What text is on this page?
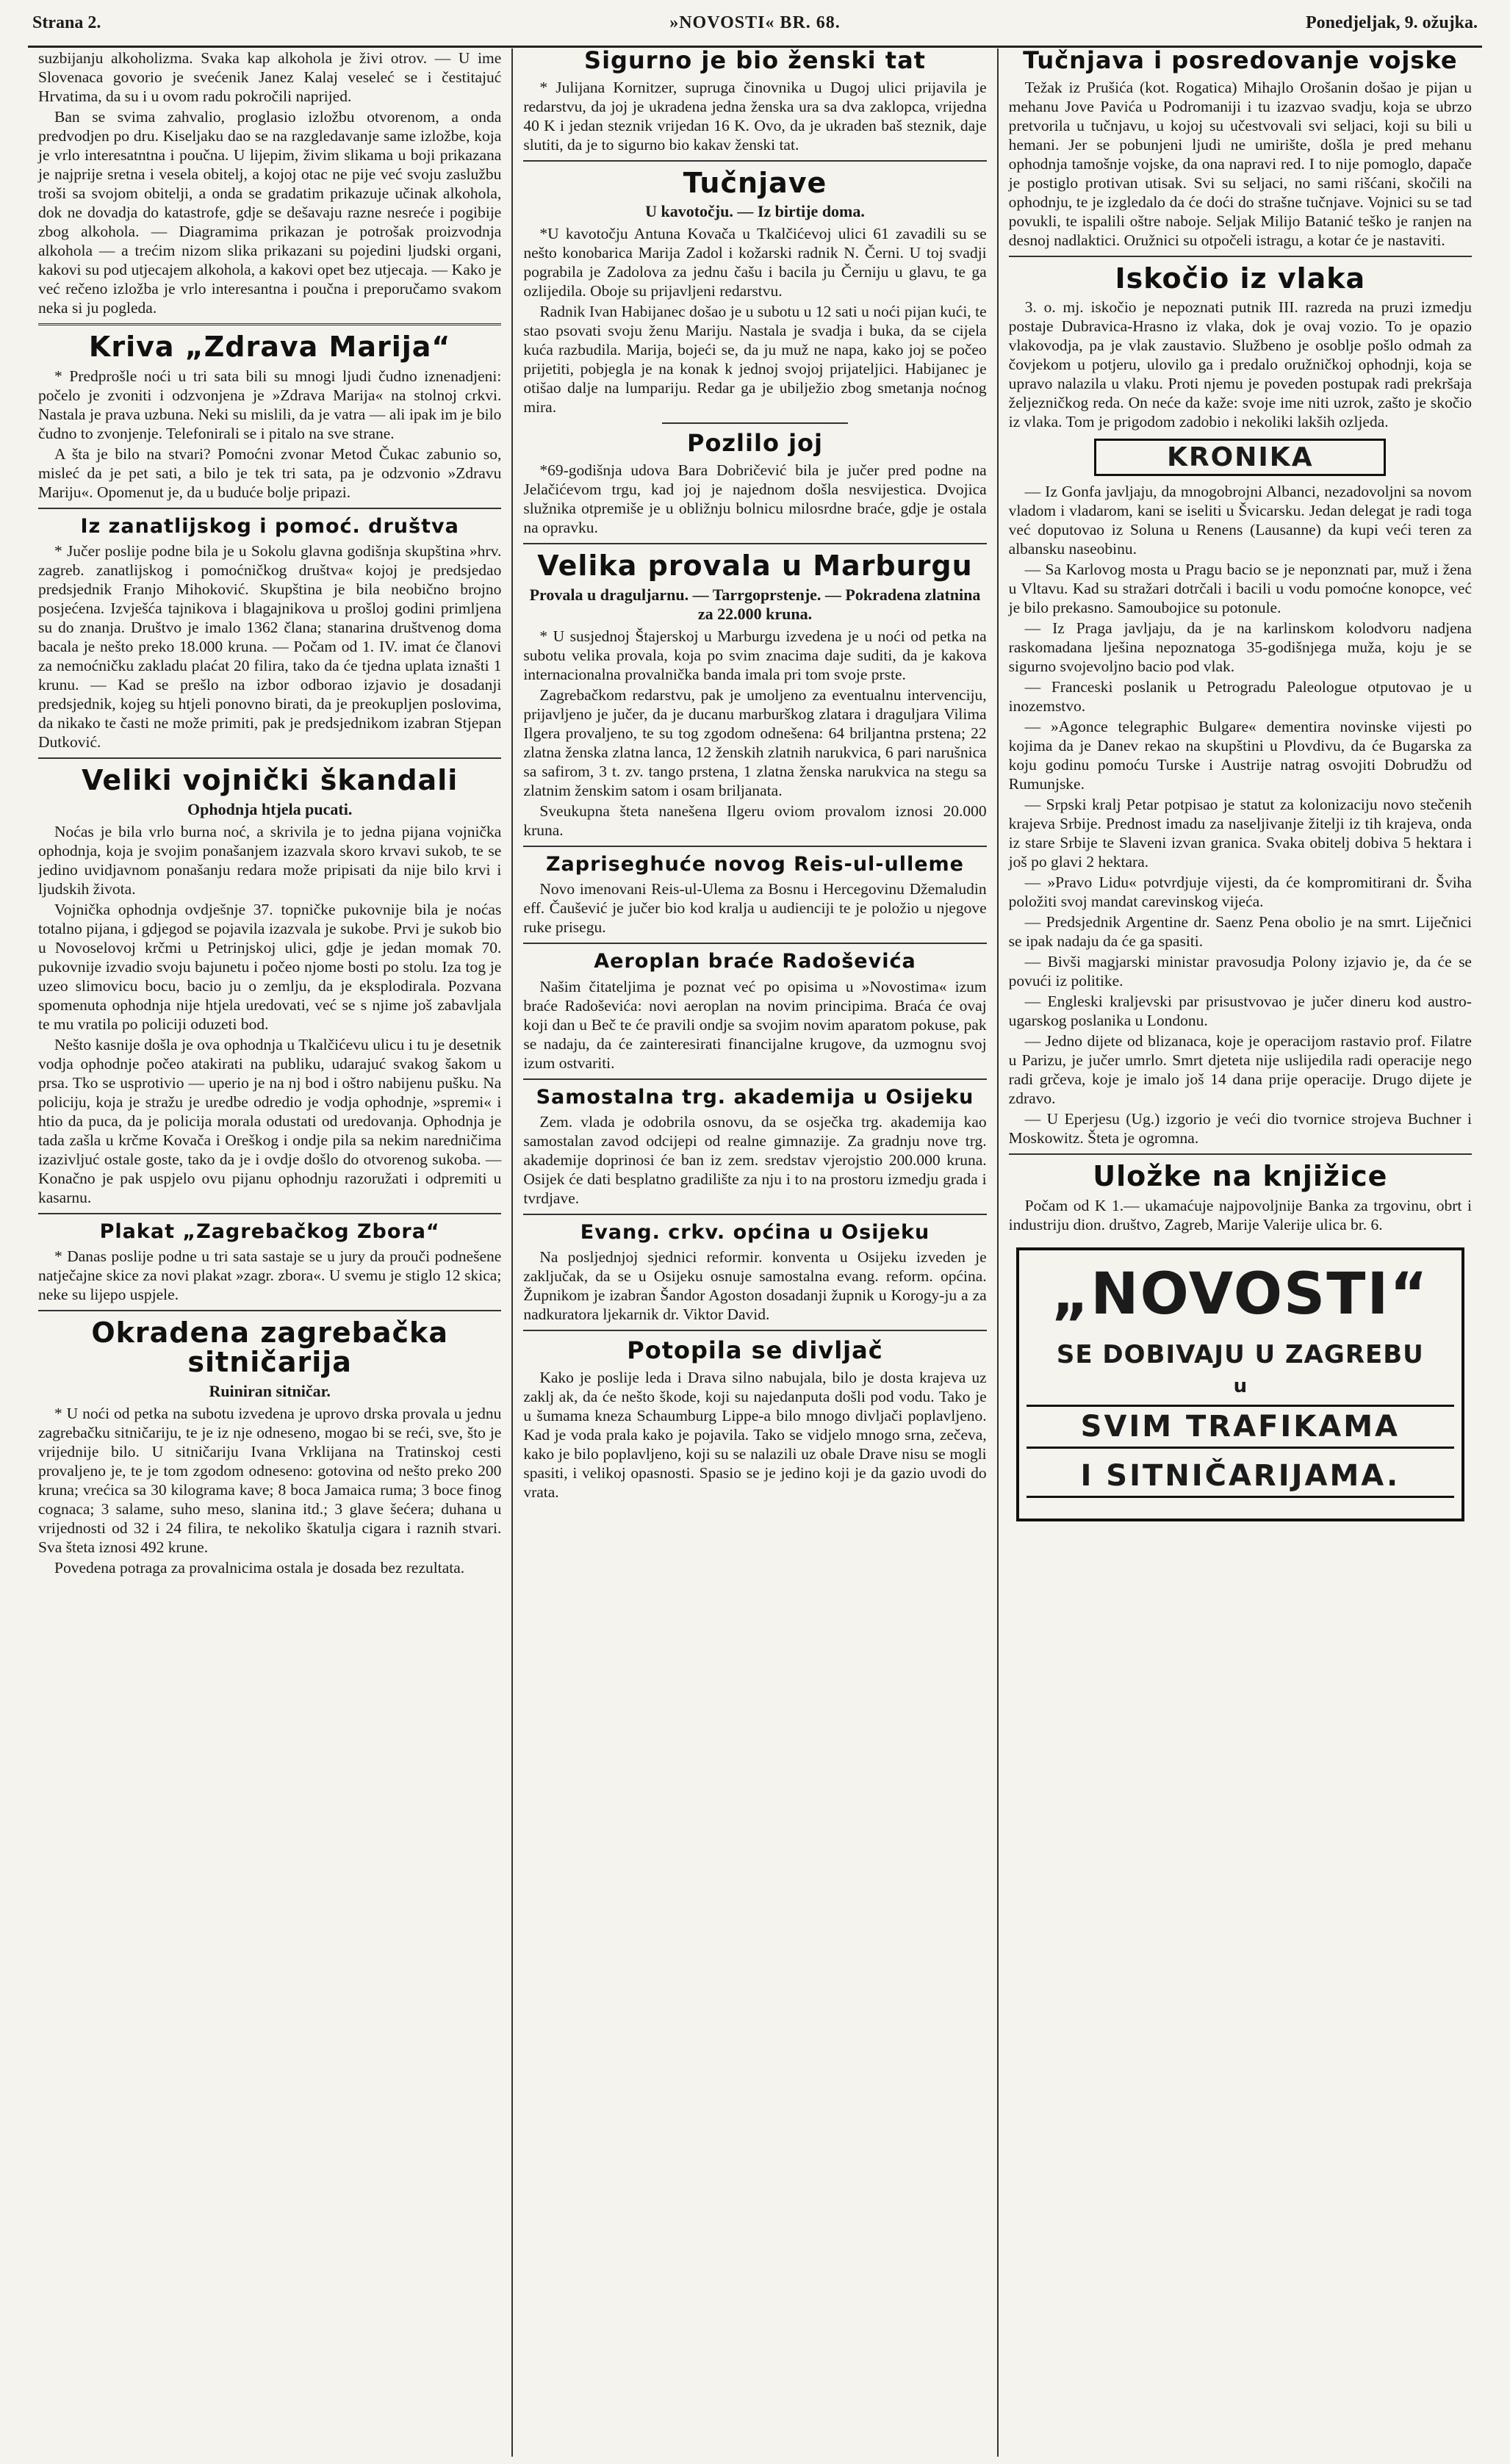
Strana 2.	»NOVOSTI« BR. 68.	Ponedjeljak, 9. ožujka.

suzbijanju alkoholizma. Svaka kap alkohola je živi otrov. — U ime Slovenaca govorio je svećenik Janez Kalaj veseleć se i čestitajuć Hrvatima, da su i u ovom radu pokročili naprijed.

Ban se svima zahvalio, proglasio izložbu otvorenom, a onda predvodjen po dru. Kiseljaku dao se na razgledavanje same izložbe, koja je vrlo interesatntna i poučna. U lijepim, živim slikama u boji prikazana je najprije sretna i vesela obitelj, a kojoj otac ne pije već svoju zaslužbu troši sa svojom obitelji, a onda se gradatim prikazuje učinak alkohola, dok ne dovadja do katastrofe, gdje se dešavaju razne nesreće i pogibije zbog alkohola. — Diagramima prikazan je potrošak proizvodnja alkohola — a trećim nizom slika prikazani su pojedini ljudski organi, kakovi su pod utjecajem alkohola, a kakovi opet bez utjecaja. — Kako je već rečeno izložba je vrlo interesantna i poučna i preporučamo svakom neka si ju pogleda.

Kriva „Zdrava Marija“

* Predprošle noći u tri sata bili su mnogi ljudi čudno iznenadjeni: počelo je zvoniti i odzvonjena je »Zdrava Marija« na stolnoj crkvi. Nastala je prava uzbuna. Neki su mislili, da je vatra — ali ipak im je bilo čudno to zvonjenje. Telefonirali se i pitalo na sve strane.

A šta je bilo na stvari? Pomoćni zvonar Metod Čukac zabunio so, misleć da je pet sati, a bilo je tek tri sata, pa je odzvonio »Zdravu Mariju«. Opomenut je, da u buduće bolje pripazi.

Iz zanatlijskog i pomoć. društva

* Jučer poslije podne bila je u Sokolu glavna godišnja skupština »hrv. zagreb. zanatlijskog i pomoćničkog društva« kojoj je predsjedao predsjednik Franjo Mihoković. Skupština je bila neobično brojno posjećena. Izvješća tajnikova i blagajnikova u prošloj godini primljena su do znanja. Društvo je imalo 1362 člana; stanarina društvenog doma bacala je nešto preko 18.000 kruna. — Počam od 1. IV. imat će članovi za nemoćničku zakladu plaćat 20 filira, tako da će tjedna uplata iznašti 1 krunu. — Kad se prešlo na izbor odborao izjavio je dosadanji predsjednik, kojeg su htjeli ponovno birati, da je preokupljen poslovima, da nikako te časti ne može primiti, pak je predsjednikom izabran Stjepan Dutković.

Veliki vojnički škandali
Ophodnja htjela pucati.

Noćas je bila vrlo burna noć, a skrivila je to jedna pijana vojnička ophodnja, koja je svojim ponašanjem izazvala skoro krvavi sukob, te se jedino uvidjavnom ponašanju redara može pripisati da nije bilo krvi i ljudskih života.

Vojnička ophodnja ovdješnje 37. topničke pukovnije bila je noćas totalno pijana, i gdjegod se pojavila izazvala je sukobe. Prvi je sukob bio u Novoselovoj krčmi u Petrinjskoj ulici, gdje je jedan momak 70. pukovnije izvadio svoju bajunetu i počeo njome bosti po stolu. Iza tog je uzeo slimovicu bocu, bacio ju o zemlju, da je eksplodirala. Pozvana spomenuta ophodnja nije htjela uredovati, već se s njime još zabavljala te mu vratila po policiji oduzeti bod.

Nešto kasnije došla je ova ophodnja u Tkalčićevu ulicu i tu je desetnik vodja ophodnje počeo atakirati na publiku, udarajuć svakog šakom u prsa. Tko se usprotivio — uperio je na nj bod i oštro nabijenu pušku. Na policiju, koja je stražu je uredbe odredio je vodja ophodnje, »spremi« i htio da puca, da je policija morala odustati od uredovanja. Ophodnja je tada zašla u krčme Kovača i Oreškog i ondje pila sa nekim naredničima izazivljuć ostale goste, tako da je i ovdje došlo do otvorenog sukoba. — Konačno je pak uspjelo ovu pijanu ophodnju razoružati i odpremiti u kasarnu.

Plakat „Zagrebačkog Zbora“

* Danas poslije podne u tri sata sastaje se u jury da prouči podnešene natječajne skice za novi plakat »zagr. zbora«. U svemu je stiglo 12 skica; neke su lijepo uspjele.

Okradena zagrebačka sitničarija
Ruiniran sitničar.

* U noći od petka na subotu izvedena je uprovo drska provala u jednu zagrebačku sitničariju, te je iz nje odneseno, mogao bi se reći, sve, što je vrijednije bilo. U sitničariju Ivana Vrklijana na Tratinskoj cesti provaljeno je, te je tom zgodom odneseno: gotovina od nešto preko 200 kruna; vrećica sa 30 kilograma kave; 8 boca Jamaica ruma; 3 boce finog cognaca; 3 salame, suho meso, slanina itd.; 3 glave šećera; duhana u vrijednosti od 32 i 24 filira, te nekoliko škatulja cigara i raznih stvari. Sva šteta iznosi 492 krune.

Povedena potraga za provalnicima ostala je dosada bez rezultata.

Sigurno je bio ženski tat

* Julijana Kornitzer, supruga činovnika u Dugoj ulici prijavila je redarstvu, da joj je ukradena jedna ženska ura sa dva zaklopca, vrijedna 40 K i jedan steznik vrijedan 16 K. Ovo, da je ukraden baš steznik, daje slutiti, da je to sigurno bio kakav ženski tat.

Tučnjave
U kavotočju. — Iz birtije doma.

*U kavotočju Antuna Kovača u Tkalčićevoj ulici 61 zavadili su se nešto konobarica Marija Zadol i kožarski radnik N. Černi. U toj svadji pograbila je Zadolova za jednu čašu i bacila ju Černiju u glavu, te ga ozlijedila. Oboje su prijavljeni redarstvu.

Radnik Ivan Habijanec došao je u subotu u 12 sati u noći pijan kući, te stao psovati svoju ženu Mariju. Nastala je svadja i buka, da se cijela kuća razbudila. Marija, bojeći se, da ju muž ne napa, kako joj se počeo prijetiti, pobjegla je na konak k jednoj svojoj prijateljici. Habijanec je otišao dalje na lumpariju. Redar ga je ubilježio zbog smetanja noćnog mira.

Pozlilo joj

*69-godišnja udova Bara Dobričević bila je jučer pred podne na Jelačićevom trgu, kad joj je najednom došla nesvijestica. Dvojica služnika otpremiše je u obližnju bolnicu milosrdne braće, gdje je ostala na opravku.

Velika provala u Marburgu
Provala u draguljarnu. — Tarrgoprstenje. — Pokradena zlatnina za 22.000 kruna.

* U susjednoj Štajerskoj u Marburgu izvedena je u noći od petka na subotu velika provala, koja po svim znacima daje suditi, da je kakova internacionalna provalnička banda imala pri tom svoje prste.

Zagrebačkom redarstvu, pak je umoljeno za eventualnu intervenciju, prijavljeno je jučer, da je ducanu marburškog zlatara i draguljara Vilima Ilgera provaljeno, te su tog zgodom odnešena: 64 briljantna prstena; 22 zlatna ženska zlatna lanca, 12 ženskih zlatnih narukvica, 6 pari narušnica sa safirom, 3 t. zv. tango prstena, 1 zlatna ženska narukvica na stegu sa zlatnim ženskim satom i osam briljanata.

Sveukupna šteta nanešena Ilgeru oviom provalom iznosi 20.000 kruna.

Zapriseghuće novog Reis-ul-ulleme

Novo imenovani Reis-ul-Ulema za Bosnu i Hercegovinu Džemaludin eff. Čaušević je jučer bio kod kralja u audienciji te je položio u njegove ruke prisegu.

Aeroplan braće Radoševića

Našim čitateljima je poznat već po opisima u »Novostima« izum braće Radoševića: novi aeroplan na novim principima. Braća će ovaj koji dan u Beč te će pravili ondje sa svojim novim aparatom pokuse, pak se nadaju, da će zainteresirati financijalne krugove, da uzmognu svoj izum ostvariti.

Samostalna trg. akademija u Osijeku

Zem. vlada je odobrila osnovu, da se osječka trg. akademija kao samostalan zavod odcijepi od realne gimnazije. Za gradnju nove trg. akademije doprinosi će ban iz zem. sredstav vjerojstio 200.000 kruna. Osijek će dati besplatno gradilište za nju i to na prostoru izmedju grada i tvrdjave.

Evang. crkv. općina u Osijeku

Na posljednjoj sjednici reformir. konventa u Osijeku izveden je zaključak, da se u Osijeku osnuje samostalna evang. reform. općina. Župnikom je izabran Šandor Agoston dosadanji župnik u Korogy-ju a za nadkuratora ljekarnik dr. Viktor David.

Potopila se divljač

Kako je poslije leda i Drava silno nabujala, bilo je dosta krajeva uz zaklj ak, da će nešto škode, koji su najedanputa došli pod vodu. Tako je u šumama kneza Schaumburg Lippe-a bilo mnogo divljači poplavljeno. Kad je voda prala kako je pojavila. Tako se vidjelo mnogo srna, zečeva, kako je bilo poplavljeno, koji su se nalazili uz obale Drave nisu se mogli spasiti, i velikoj opasnosti. Spasio se je jedino koji je da gazio uvodi do vrata.

Tučnjava i posredovanje vojske

Težak iz Prušića (kot. Rogatica) Mihajlo Orošanin došao je pijan u mehanu Jove Pavića u Podromaniji i tu izazvao svadju, koja se ubrzo pretvorila u tučnjavu, u kojoj su učestvovali svi seljaci, koji su bili u hemani. Jer se pobunjeni ljudi ne umirište, došla je pred mehanu ophodnja tamošnje vojske, da ona napravi red. I to nije pomoglo, dapače je postiglo protivan utisak. Svi su seljaci, no sami rišćani, skočili na ophodnju, te je izgledalo da će doći do strašne tučnjave. Vojnici su se tad povukli, te ispalili oštre naboje. Seljak Milijo Batanić teško je ranjen na desnoj nadlaktici. Oružnici su otpočeli istragu, a kotar će je nastaviti.

Iskočio iz vlaka

3. o. mj. iskočio je nepoznati putnik III. razreda na pruzi izmedju postaje Dubravica-Hrasno iz vlaka, dok je ovaj vozio. To je opazio vlakovodja, pa je vlak zaustavio. Službeno je osoblje pošlo odmah za čovjekom u potjeru, ulovilo ga i predalo oružničkoj ophodnji, koja se upravo nalazila u vlaku. Proti njemu je poveden postupak radi prekršaja željezničkog reda. On neće da kaže: svoje ime niti uzrok, zašto je skočio iz vlaka. Tom je prigodom zadobio i nekoliki lakših ozljeda.

KRONIKA

— Iz Gonfa javljaju, da mnogobrojni Albanci, nezadovoljni sa novom vladom i vladarom, kani se iseliti u Švicarsku. Jedan delegat je radi toga već doputovao iz Soluna u Renens (Lausanne) da kupi veći teren za albansku naseobinu.

— Sa Karlovog mosta u Pragu bacio se je neponznati par, muž i žena u Vltavu. Kad su stražari dotrčali i bacili u vodu pomoćne konopce, već je bilo prekasno. Samoubojice su potonule.

— Iz Praga javljaju, da je na karlinskom kolodvoru nadjena raskomadana lješina nepoznatoga 35-godišnjega muža, koju je se sigurno svojevoljno bacio pod vlak.

— Franceski poslanik u Petrogradu Paleologue otputovao je u inozemstvo.

— »Agonce telegraphic Bulgare« dementira novinske vijesti po kojima da je Danev rekao na skupštini u Plovdivu, da će Bugarska za koju godinu pomoću Turske i Austrije natrag osvojiti Dobrudžu od Rumunjske.

— Srpski kralj Petar potpisao je statut za kolonizaciju novo stečenih krajeva Srbije. Prednost imadu za naseljivanje žitelji iz tih krajeva, onda iz stare Srbije te Slaveni izvan granica. Svaka obitelj dobiva 5 hektara i još po glavi 2 hektara.

— »Pravo Lidu« potvrdjuje vijesti, da će kompromitirani dr. Šviha položiti svoj mandat carevinskog vijeća.

— Predsjednik Argentine dr. Saenz Pena obolio je na smrt. Liječnici se ipak nadaju da će ga spasiti.

— Bivši magjarski ministar pravosudja Polony izjavio je, da će se povući iz politike.

— Engleski kraljevski par prisustvovao je jučer dineru kod austro-ugarskog poslanika u Londonu.

— Jedno dijete od blizanaca, koje je operacijom rastavio prof. Filatre u Parizu, je jučer umrlo. Smrt djeteta nije uslijedila radi operacije nego radi grčeva, koje je imalo još 14 dana prije operacije. Drugo dijete je zdravo.

— U Eperjesu (Ug.) izgorio je veći dio tvornice strojeva Buchner i Moskowitz. Šteta je ogromna.

Uložke na knjižice

Počam od K 1.— ukamaćuje najpovoljnije Banka za trgovinu, obrt i industriju dion. društvo, Zagreb, Marije Valerije ulica br. 6.

„NOVOSTI“
SE DOBIVAJU U ZAGREBU
u
SVIM TRAFIKAMA
I SITNIČARIJAMA.
